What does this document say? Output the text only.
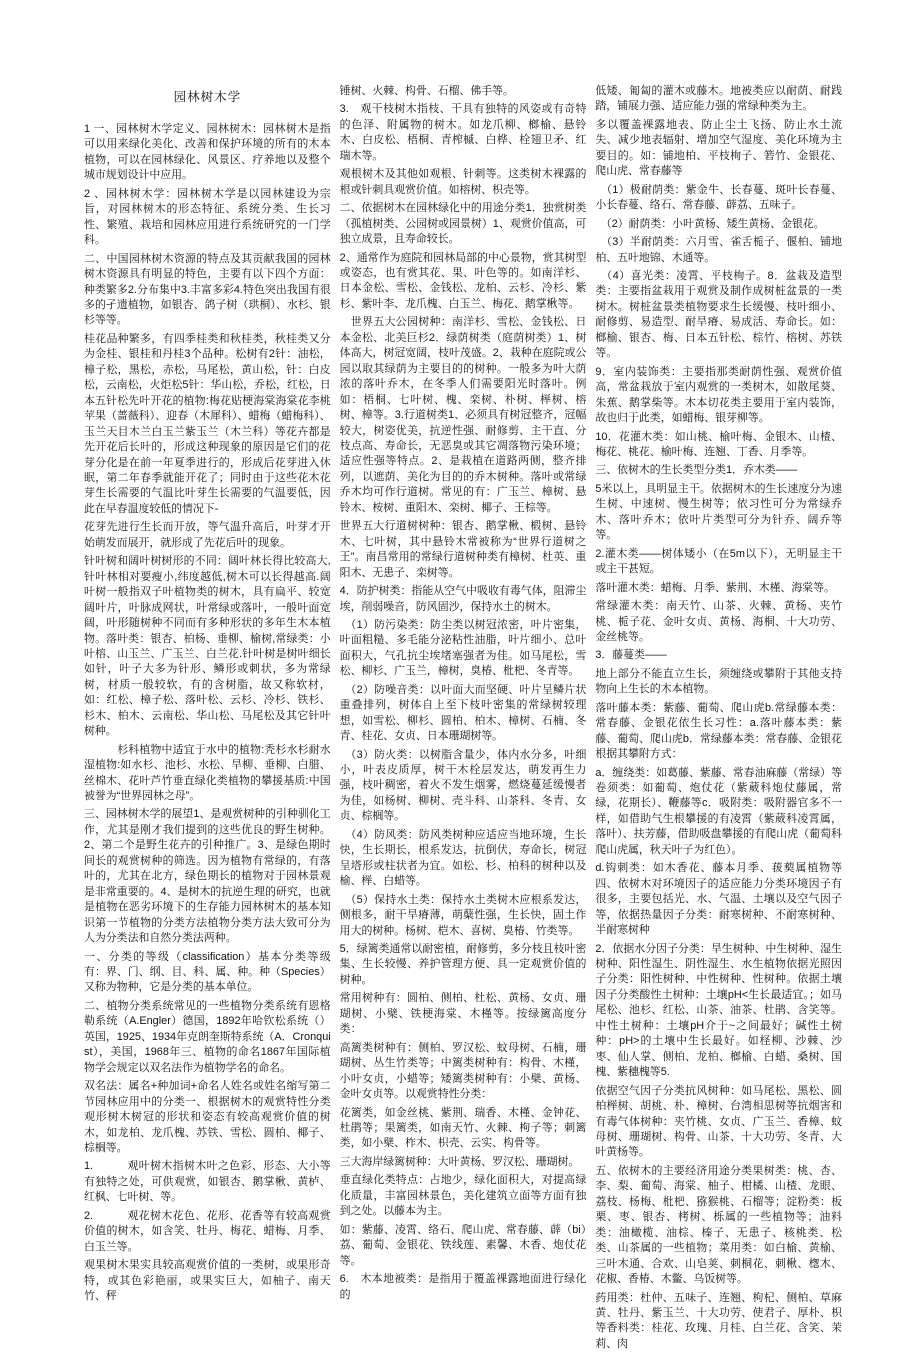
园林树木学

1 一、园林树木学定义、园林树木：园林树木是指可以用来绿化美化、改善和保护环境的所有的木本植物，可以在园林绿化、风景区、疗养地以及整个城市规划设计中应用。

2 、园林树木学：园林树木学是以园林建设为宗旨，对园林树木的形态特征、系统分类、生长习性、繁殖、栽培和园林应用进行系统研究的一门学科。

二、中国园林树木资源的特点及其贡献我国的园林树木资源具有明显的特色，主要有以下四个方面：种类繁多2.分布集中3.丰富多彩4.特色突出我国有很多的孑遗植物，如银杏、鸽子树（珙桐）、水杉、银杉等等。

桂花品种繁多，有四季桂类和秋桂类，秋桂类又分为金桂、银桂和丹桂3个品种。松树有2针：油松，樟子松，黑松，赤松，马尾松，黄山松，针：白皮松，云南松，火炬松5针：华山松，乔松，红松，日本五针松先叶开花的植物:梅花贴梗海棠海棠花李桃苹果（蔷薇科）、迎春（木犀科）、蜡梅（蜡梅科）、玉兰天目木兰白玉兰紫玉兰（木兰科）等花卉都是先开花后长叶的，形成这种现象的原因是它们的花芽分化是在前一年夏季进行的，形成后花芽进入休眠，第二年春季就能开花了；同时由于这些花木花芽生长需要的气温比叶芽生长需要的气温要低，因此在早春温度较低的情况下-

花芽先进行生长而开放，等气温升高后，叶芽才开始萌发而展开，就形成了先花后叶的现象。

针叶树和阔叶树树形的不同：阔叶林长得比较高大,针叶林相对要瘦小,纬度越低,树木可以长得越高.阔叶树一般指双子叶植物类的树木，具有扁平、较宽阔叶片，叶脉成网状，叶常绿或落叶，一般叶面宽阔，叶形随树种不同而有多种形状的多年生木本植物。落叶类：银杏、柏杨、垂柳、榆树,常绿类：小叶榕、山玉兰、广玉兰、白兰花.针叶树是树叶细长如针，叶子大多为针形、鳞形或刺状，多为常绿树，材质一般较软，有的含树脂，故又称软材，如：红松、樟子松、落叶松、云杉、冷杉、铁杉、杉木、柏木、云南松、华山松、马尾松及其它针叶树种。

　　　杉科植物中适宜于水中的植物:秃杉水杉耐水湿植物:如水杉、池杉、水松、旱柳、垂柳、白腊、丝棉木、花叶芦竹垂直绿化类植物的攀援基质:中国被誉为“世界园林之母”。

三、园林树木学的展望1、是观赏树种的引种驯化工作，尤其是刚才我们提到的这些优良的野生树种。2、第二个是野生花卉的引种推广。3、是绿色期时间长的观赏树种的筛选。因为植物有常绿的，有落叶的，尤其在北方，绿色期长的植物对于园林景观是非常重要的。4、是树木的抗逆生理的研究，也就是植物在恶劣环境下的生存能力园林树木的基本知识第一节植物的分类方法植物分类方法大致可分为人为分类法和自然分类法两种。

一、分类的等级（classification）基本分类等级有：界、门、纲、目、科、属、种。种（Species）又称为物种，它是分类的基本单位。

二、植物分类系统常见的一些植物分类系统有恩格勒系统（A.Engler）德国，1892年哈钦松系统（）英国，1925、1934年克朗奎斯特系统（A．Cronquist），美国，1968年三、植物的命名1867年国际植物学会规定以双名法作为植物学名的命名。

双名法：属名+种加词+命名人姓名或姓名缩写第二节园林应用中的分类一、根据树木的观赏特性分类观形树木树冠的形状和姿态有较高观赏价值的树木，如龙柏、龙爪槐、苏铁、雪松、圆柏、椰子、棕榈等。

1.　　　观叶树木指树木叶之色彩、形态、大小等有独特之处，可供观赏，如银杏、鹅掌楸、黄栌、红枫、七叶树、等。

2.　　　观花树木花色、花形、花香等有较高观赏价值的树木，如含笑、牡丹、梅花、蜡梅、月季、白玉兰等。

观果树木果实具较高观赏价值的一类树，或果形奇特，或其色彩艳丽，或果实巨大，如柚子、南天竹、秤

锤树、火棘、构骨、石榴、佛手等。

3.　观干枝树木指枝、干具有独特的风姿或有奇特的色泽、附属物的树木。如龙爪柳、榔榆、悬铃木、白皮松、梧桐、青榨槭、白桦、栓翅卫矛、红瑞木等。

观根树木及其他如观根、针刺等。这类树木裸露的根或针刺具观赏价值。如榕树、枳壳等。

二、依据树木在园林绿化中的用途分类1．独赏树类（孤植树类、公园树或园景树）1、观赏价值高，可独立成景，且寿命较长。

2、通常作为庭院和园林局部的中心景物，赏其树型或姿态，也有赏其花、果、叶色等的。如南洋杉、日本金松、雪松、金钱松、龙柏、云杉、冷杉、紫杉、紫叶李、龙爪槐、白玉兰、梅花、鹅掌楸等。

　世界五大公园树种：南洋杉、雪松、金钱松、日本金松、北美巨杉2．绿荫树类（庭荫树类）1、树体高大，树冠宽阔，枝叶茂盛。2、栽种在庭院或公园以取其绿荫为主要目的的树种。一般多为叶大荫浓的落叶乔木，在冬季人们需要阳光时落叶。例如：梧桐、七叶树、槐、栾树、朴树、榉树、榕树、樟等。3.行道树类1、必须具有树冠整齐，冠幅较大，树姿优美，抗逆性强、耐修剪、主干直、分枝点高、寿命长，无恶臭或其它凋落物污染环境；适应性强等特点。2、是栽植在道路两侧，整齐排列，以遮荫、美化为目的的乔木树种。落叶或常绿乔木均可作行道树。常见的有：广玉兰、樟树、悬铃木、桉树、重阳木、栾树、椰子、王棕等。

世界五大行道树树种：银杏、鹅掌楸、椴树、悬铃木、七叶树，其中悬铃木常被称为“世界行道树之王”。南昌常用的常绿行道树种类有樟树、杜英、重阳木、无患子、栾树等。

4．防护树类：指能从空气中吸收有毒气体，阻滞尘埃，削弱噪音，防风固沙，保持水土的树木。

　（1）防污染类：防尘类以树冠浓密，叶片密集，叶面粗糙、多毛能分泌粘性油脂，叶片细小、总叶面积大，气孔抗尘埃堵塞强者为佳。如马尾松，雪松、柳杉、广玉兰，樟树，臭椿、枇杷、冬青等。

　（2）防噪音类：以叶面大而坚硬、叶片呈鳞片状重叠排列，树体自上至下枝叶密集的常绿树较理想，如雪松、柳杉、圆柏、柏木、樟树、石楠、冬青、桂花、女贞、日本珊瑚树等。

　（3）防火类：以树脂含量少，体内水分多，叶细小，叶表皮质厚，树干木栓层发达，萌发再生力强，枝叶稠密，着火不发生烟雾，燃烧蔓延缓慢者为佳，如杨树、柳树、壳斗科、山茶科、冬青、女贞、棕榈等。

　（4）防风类：防风类树种应适应当地环境，生长快，生长期长，根系发达，抗倒伏，寿命长，树冠呈塔形或柱状者为宜。如松、杉、柏科的树种以及榆、榉、白蜡等。

　（5）保持水土类：保持水土类树木应根系发达，侧根多，耐干旱瘠薄，萌蘖性强，生长快，固土作用大的树种。杨树、桤木、喜树、臭椿、竹类等。

5．绿篱类通常以耐密植，耐修剪，多分枝且枝叶密集、生长较慢、养护管理方便、具一定观赏价值的树种。

常用树种有：圆柏、侧柏、杜松、黄杨、女贞、珊瑚树、小檗、铁梗海棠、木槿等。按绿篱高度分类：

高篱类树种有：侧柏、罗汉松、蚊母树、石楠，珊瑚树、丛生竹类等；中篱类树种有：构骨、木槿，小叶女贞，小蜡等；矮篱类树种有：小檗、黄杨、金叶女贞等。以观赏特性分类：

花篱类，如金丝桃、紫荆、瑞香、木槿、金钟花、杜鹃等；果篱类，如南天竹、火棘、枸子等；刺篱类，如小檗、柞木、枳壳、云实、构骨等。

三大海岸绿篱树种：大叶黄杨、罗汉松、珊瑚树。

垂直绿化类特点：占地少，绿化面积大，对提高绿化质量，丰富园林景色，美化建筑立面等方面有独到之处。以藤本为主。

如：紫藤、凌霄、络石、爬山虎、常春藤、薜（bi）荔、葡萄、金银花、铁线莲、素馨、木香、炮仗花等。

6.　木本地被类：是指用于覆盖裸露地面进行绿化的

低矮、匍匐的灌木或藤木。地被类应以耐荫、耐践踏，铺展力强、适应能力强的常绿种类为主。

多以覆盖裸露地表、防止尘土飞扬、防止水土流失、减少地表辐射、增加空气湿度、美化环境为主要目的。如：铺地柏、平枝栒子、箬竹、金银花、爬山虎、常春藤等

　（1）极耐荫类：紫金牛、长春蔓、斑叶长春蔓、小长春蔓、络石、常春藤、薜荔、五味子。

　（2）耐荫类：小叶黄杨、矮生黄杨、金银花。

　（3）半耐荫类：六月雪、雀舌栀子、偃柏、铺地柏、五叶地锦、木通等。

　（4）喜光类：凌霄、平枝栒子。8．盆栽及造型类：主要指盆栽用于观赏及制作成树桩盆景的一类树木。树桩盆景类植物要求生长缓慢、枝叶细小、耐修剪、易造型、耐旱瘠、易成活、寿命长。如：榔榆、银杏、梅、日本五针松、棕竹、榕树、苏铁等。

9．室内装饰类：主要指那类耐荫性强、观赏价值高，常盆栽放于室内观赏的一类树木，如散尾葵、朱蕉、鹅掌柴等。木本切花类主要用于室内装饰，故也归于此类，如蜡梅、银芽柳等。

10．花灌木类：如山桃、榆叶梅、金银木、山楂、梅花、桃花、榆叶梅、连翘、丁香、月季等。

三、依树木的生长类型分类1．乔木类——

5米以上，具明显主干。依据树木的生长速度分为速生树、中速树、慢生树等；依习性可分为常绿乔木、落叶乔木；依叶片类型可分为针乔、阔乔等等。

2.灌木类——树体矮小（在5m以下），无明显主干或主干甚短。

落叶灌木类：蜡梅、月季、紫荆、木槿、海棠等。

常绿灌木类：南天竹、山茶、火棘、黄杨、夹竹桃、栀子花、金叶女贞、黄杨、海桐、十大功劳、金丝桃等。

3．藤蔓类——

地上部分不能直立生长，须缠绕或攀附于其他支持物向上生长的木本植物。

落叶藤本类：紫藤、葡萄、爬山虎b.常绿藤本类：常春藤、金银花依生长习性：a.落叶藤本类：紫藤、葡萄、爬山虎b．常绿藤本类：常春藤、金银花根据其攀附方式：

a．缠绕类：如葛藤、紫藤、常春油麻藤（常绿）等卷须类：如葡萄、炮仗花（紫葳科炮仗藤属，常绿，花期长）、鞭藤等c．吸附类：吸附器官多不一样，如借助气生根攀援的有凌霄（紫葳科凌霄属，落叶）、扶芳藤，借助吸盘攀援的有爬山虎（葡萄科爬山虎属，秋天叶子为红色）。

d.钩刺类：如木香花、藤本月季、菝葜属植物等四、依树木对环境因子的适应能力分类环境因子有很多，主要包括光、水、气温、土壤以及空气因子等，依据热量因子分类：耐寒树种、不耐寒树种、半耐寒树种

2．依据水分因子分类：旱生树种、中生树种、湿生树种、阳性湿生、阴性湿生、水生植物依据光照因子分类：阳性树种、中性树种、性树种。依据土壤因子分类酸性土树种：土壤pH<生长最适宜。；如马尾松、池杉、红松、山茶、油茶、杜鹃、含笑等。中性土树种：土壤pH介于~之间最好；碱性土树种：pH>的土壤中生长最好。如柽柳、沙棘、沙枣、仙人掌、侧柏、龙柏、榔榆、白蜡、桑树、国槐、紫穗槐等5.

依据空气因子分类抗风树种：如马尾松、黑松、圆柏榉树、胡桃、朴、樟树、台湾相思树等抗烟害和有毒气体树种：夹竹桃、女贞、广玉兰、香樟、蚊母树、珊瑚树、构骨、山茶、十大功劳、冬青、大叶黄杨等。

五、依树木的主要经济用途分类果树类：桃、杏、李、梨、葡萄、海棠、柚子、柑橘、山楂、龙眼、荔枝、杨梅、枇杷、猕猴桃、石榴等；淀粉类：板栗、枣、银杏、栲树、栎属的一些植物等；油料类：油橄榄、油棕、榛子、无患子、核桃类、松类、山茶属的一些植物；菜用类：如白榆、黄榆、三叶木通、合欢、山皂荚、刺桐花、刺楸、楤木、花椒、香椿、木鳖、乌饭树等。

药用类：杜仲、五味子、连翘、枸杞、侧柏、草麻黄、牡丹、紫玉兰、十大功劳、使君子、厚朴、枳等香料类：桂花、玫瑰、月桂、白兰花、含笑、茉莉、肉
